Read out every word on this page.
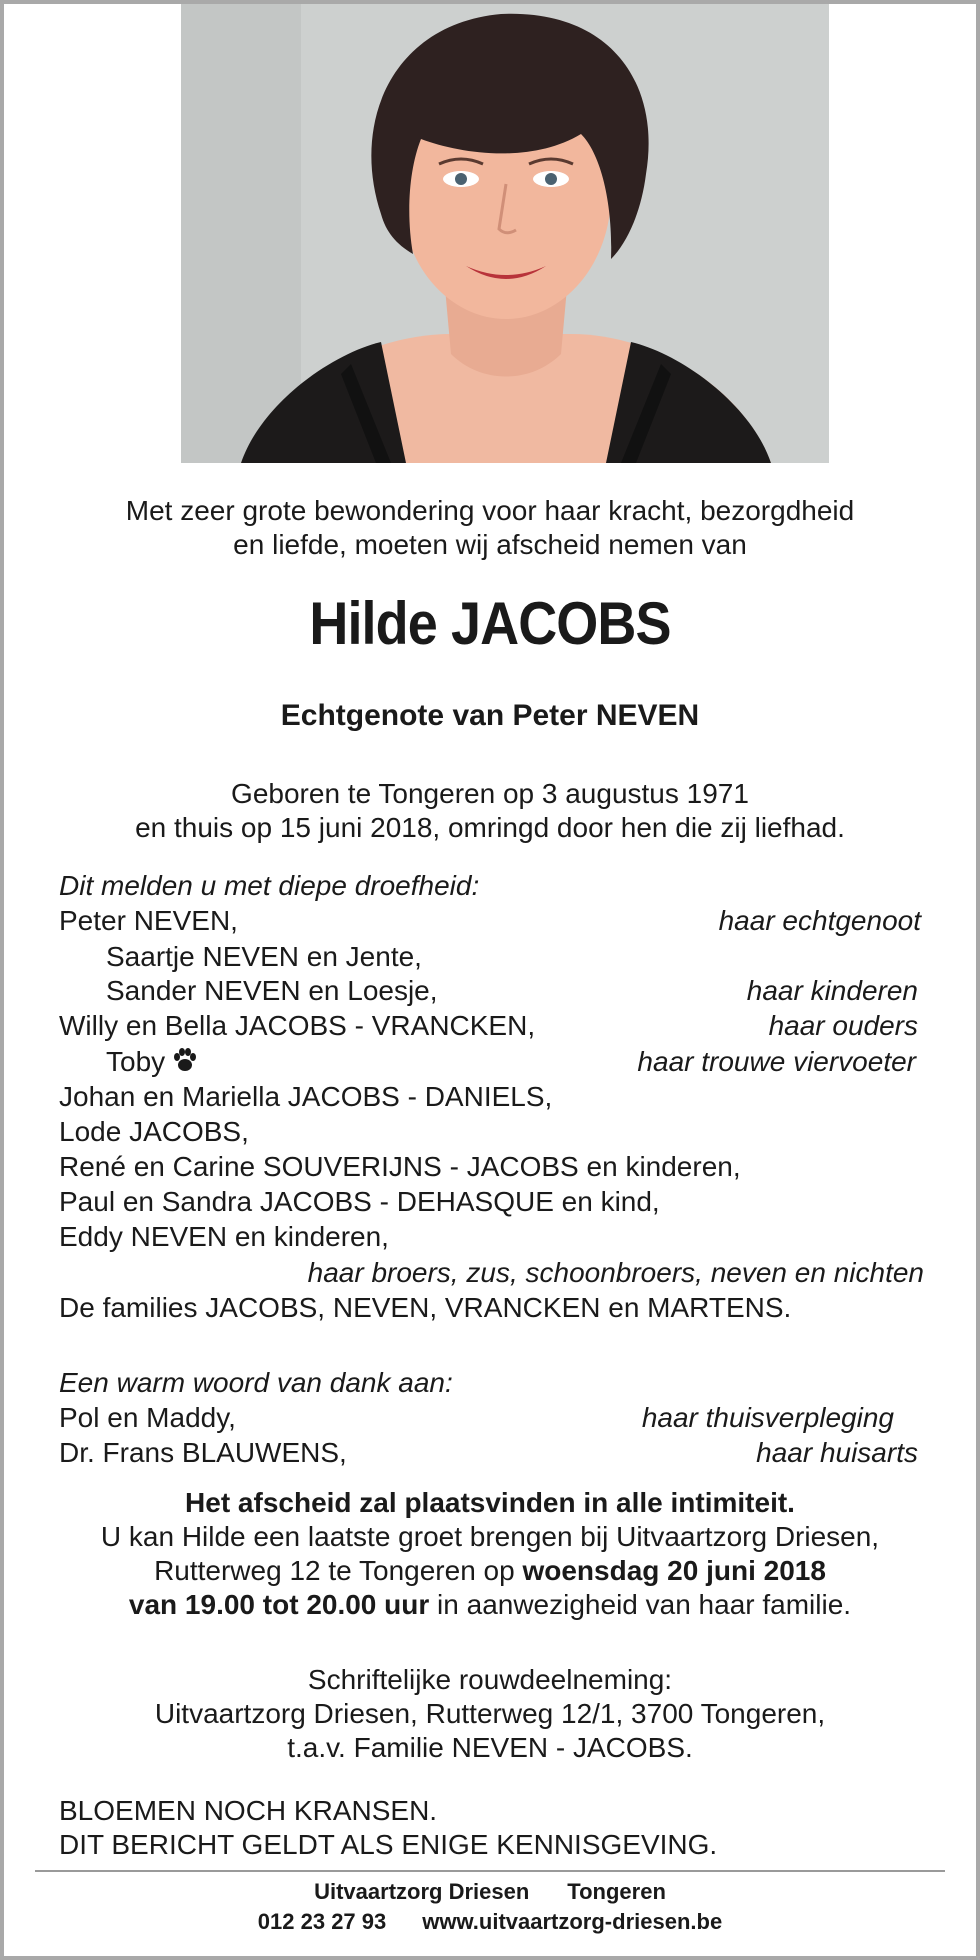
Met zeer grote bewondering voor haar kracht, bezorgdheid
en liefde, moeten wij afscheid nemen van
Hilde JACOBS
Echtgenote van Peter NEVEN
Geboren te Tongeren op 3 augustus 1971
en thuis op 15 juni 2018, omringd door hen die zij liefhad.
Dit melden u met diepe droefheid:
Peter NEVEN,	haar echtgenoot
Saartje NEVEN en Jente,
Sander NEVEN en Loesje,	haar kinderen
Willy en Bella JACOBS - VRANCKEN,	haar ouders
Toby	haar trouwe viervoeter
Johan en Mariella JACOBS - DANIELS,
Lode JACOBS,
René en Carine SOUVERIJNS - JACOBS en kinderen,
Paul en Sandra JACOBS - DEHASQUE en kind,
Eddy NEVEN en kinderen,
haar broers, zus, schoonbroers, neven en nichten
De families JACOBS, NEVEN, VRANCKEN en MARTENS.
Een warm woord van dank aan:
Pol en Maddy,	haar thuisverpleging
Dr. Frans BLAUWENS,	haar huisarts
Het afscheid zal plaatsvinden in alle intimiteit.
U kan Hilde een laatste groet brengen bij Uitvaartzorg Driesen,
Rutterweg 12 te Tongeren op woensdag 20 juni 2018
van 19.00 tot 20.00 uur in aanwezigheid van haar familie.
Schriftelijke rouwdeelneming:
Uitvaartzorg Driesen, Rutterweg 12/1, 3700 Tongeren,
t.a.v. Familie NEVEN - JACOBS.
BLOEMEN NOCH KRANSEN.
DIT BERICHT GELDT ALS ENIGE KENNISGEVING.
Uitvaartzorg Driesen Tongeren
012 23 27 93 www.uitvaartzorg-driesen.be
